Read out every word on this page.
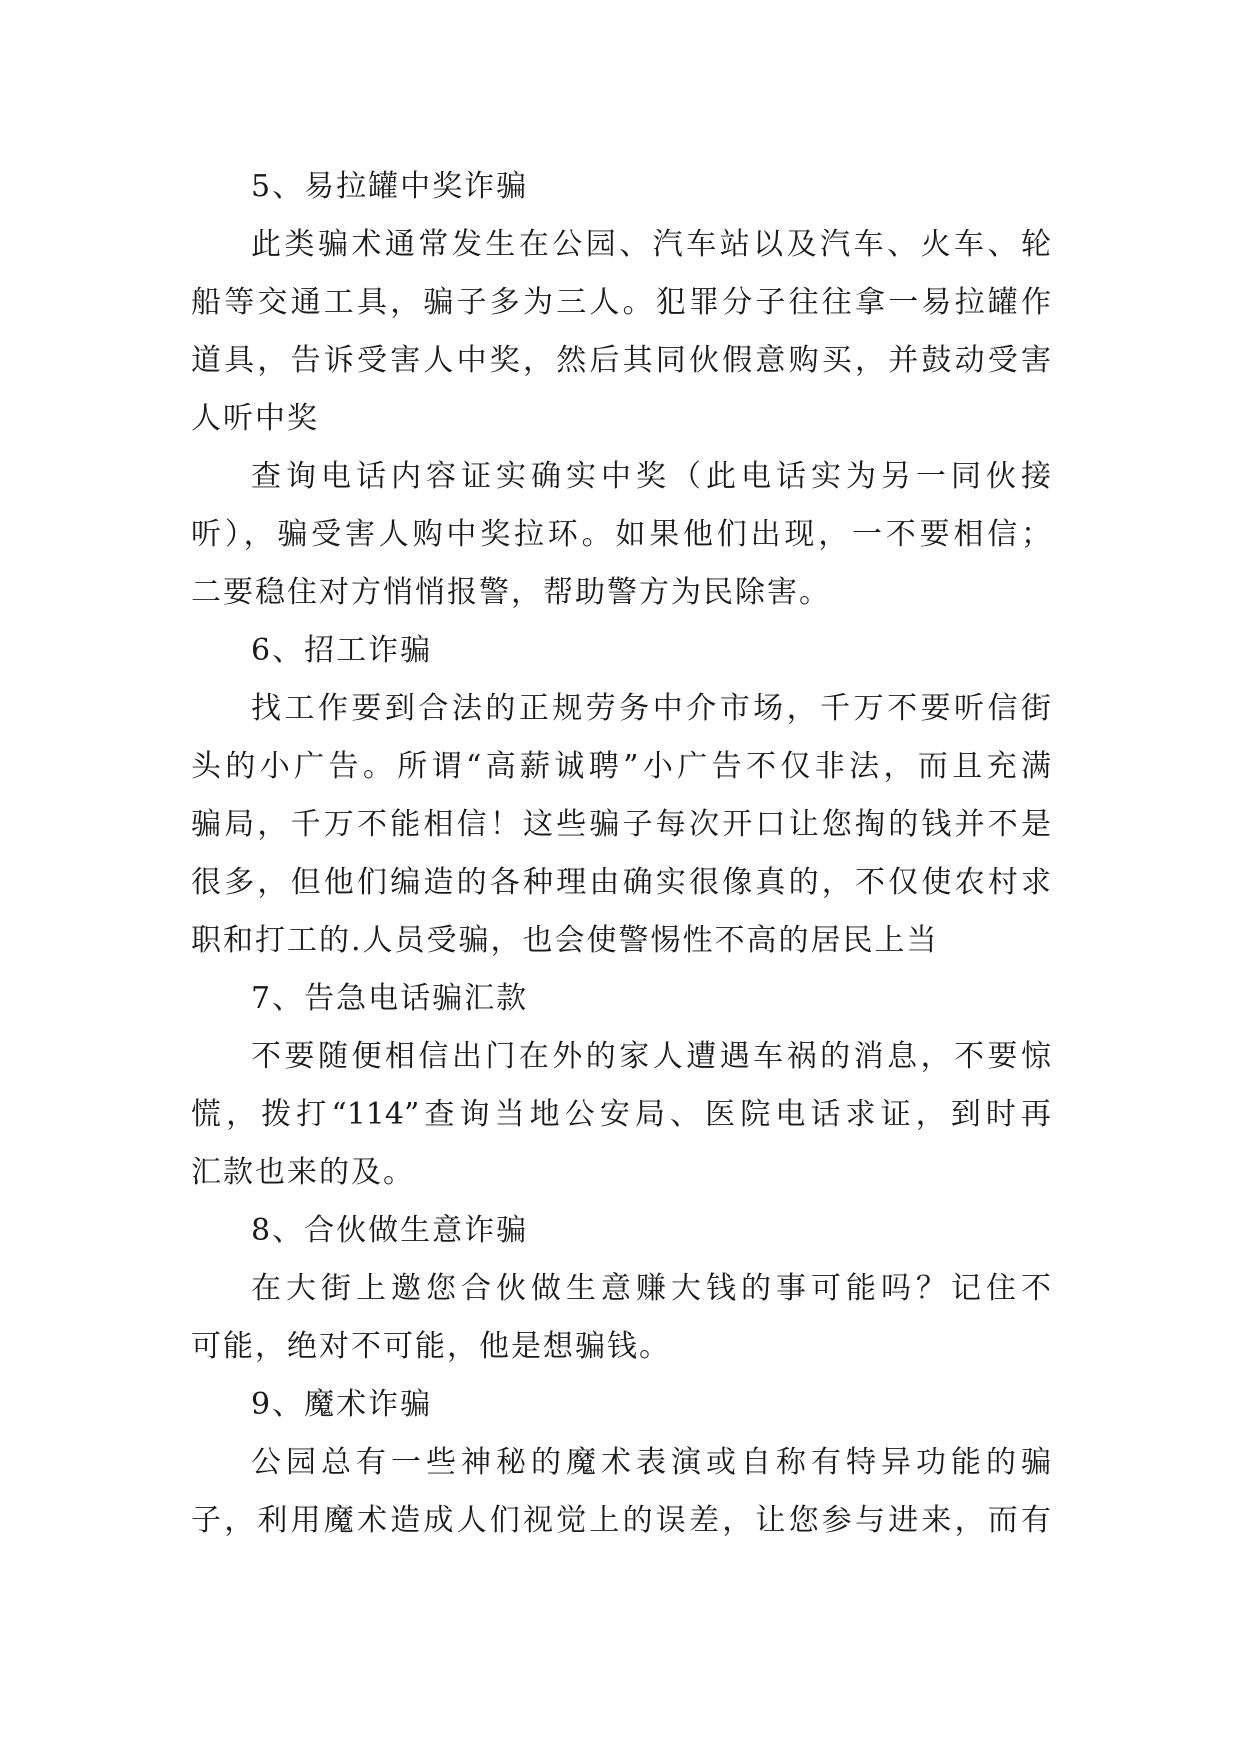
5、易拉罐中奖诈骗
此类骗术通常发生在公园、汽车站以及汽车、火车、轮
船等交通工具，骗子多为三人。犯罪分子往往拿一易拉罐作
道具，告诉受害人中奖，然后其同伙假意购买，并鼓动受害
人听中奖
查询电话内容证实确实中奖（此电话实为另一同伙接
听），骗受害人购中奖拉环。如果他们出现，一不要相信；
二要稳住对方悄悄报警，帮助警方为民除害。
6、招工诈骗
找工作要到合法的正规劳务中介市场，千万不要听信街
头的小广告。所谓“高薪诚聘”小广告不仅非法，而且充满
骗局，千万不能相信！这些骗子每次开口让您掏的钱并不是
很多，但他们编造的各种理由确实很像真的，不仅使农村求
职和打工的.人员受骗，也会使警惕性不高的居民上当
7、告急电话骗汇款
不要随便相信出门在外的家人遭遇车祸的消息，不要惊
慌，拨打“114”查询当地公安局、医院电话求证，到时再
汇款也来的及。
8、合伙做生意诈骗
在大街上邀您合伙做生意赚大钱的事可能吗？记住不
可能，绝对不可能，他是想骗钱。
9、魔术诈骗
公园总有一些神秘的魔术表演或自称有特异功能的骗
子，利用魔术造成人们视觉上的误差，让您参与进来，而有
